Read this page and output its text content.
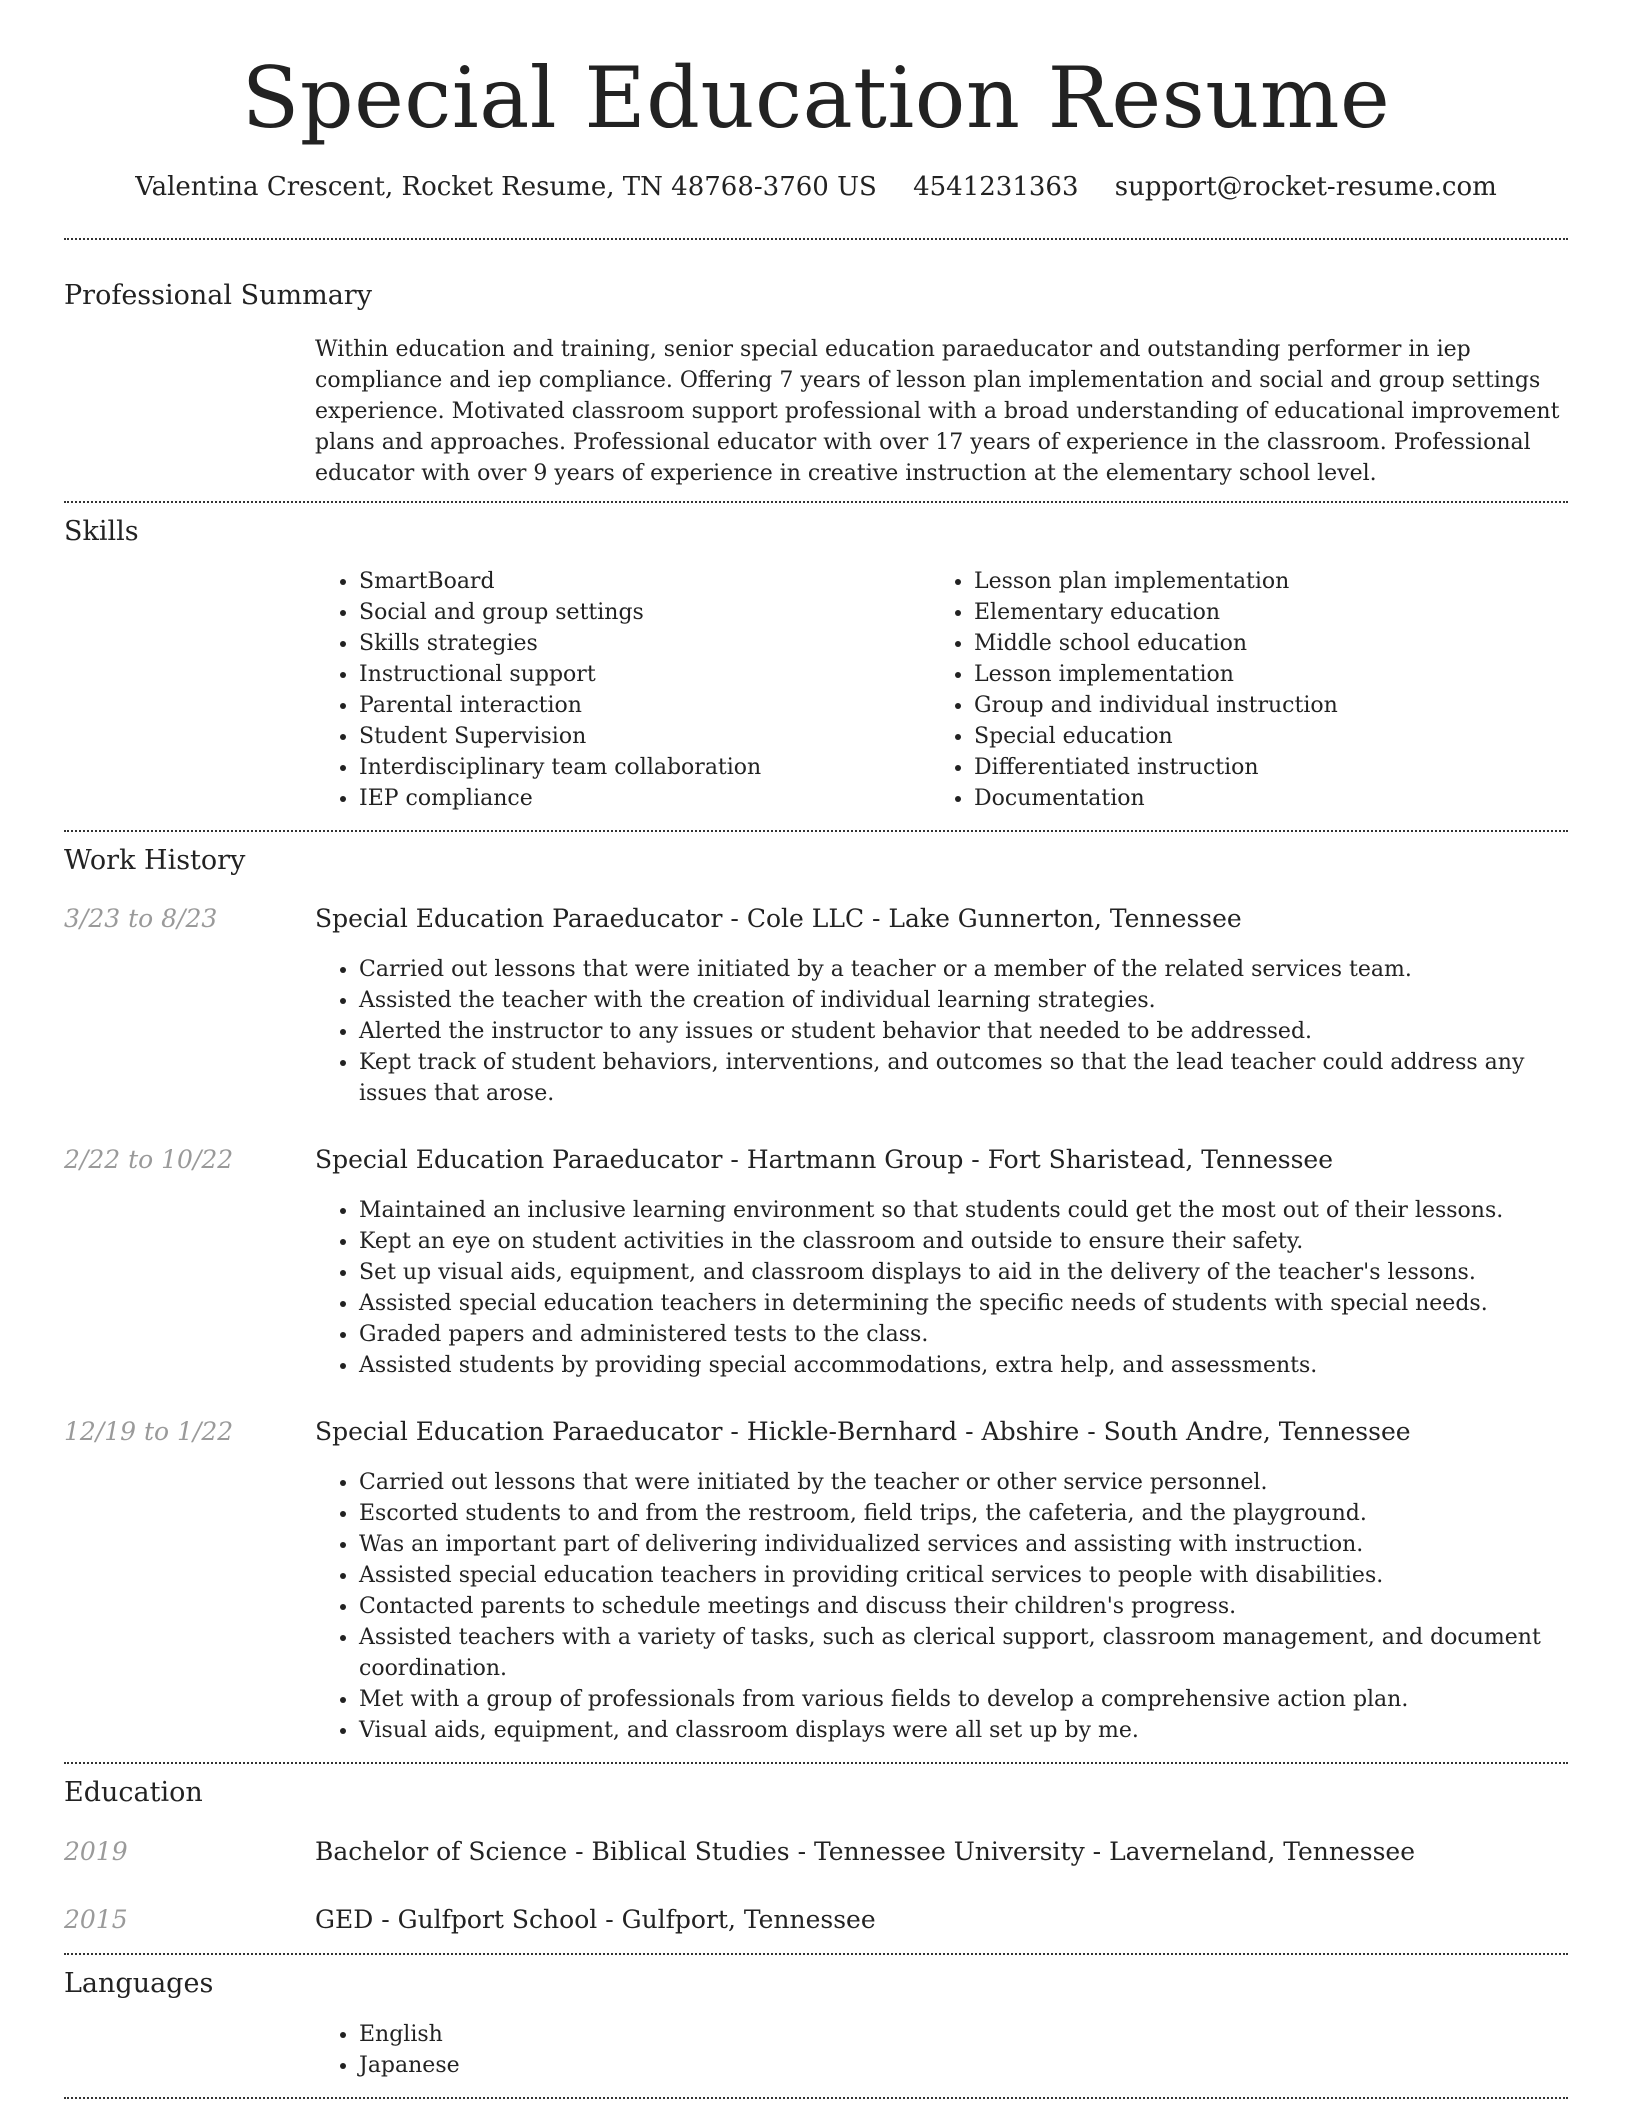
Special Education Resume
Valentina Crescent, Rocket Resume, TN 48768-3760 US 4541231363 support@rocket-resume.com
Professional Summary
Within education and training, senior special education paraeducator and outstanding performer in iep compliance and iep compliance. Offering 7 years of lesson plan implementation and social and group settings experience. Motivated classroom support professional with a broad understanding of educational improvement plans and approaches. Professional educator with over 17 years of experience in the classroom. Professional educator with over 9 years of experience in creative instruction at the elementary school level.
Skills
• SmartBoard
• Social and group settings
• Skills strategies
• Instructional support
• Parental interaction
• Student Supervision
• Interdisciplinary team collaboration
• IEP compliance
• Lesson plan implementation
• Elementary education
• Middle school education
• Lesson implementation
• Group and individual instruction
• Special education
• Differentiated instruction
• Documentation
Work History
3/23 to 8/23	Special Education Paraeducator - Cole LLC - Lake Gunnerton, Tennessee
• Carried out lessons that were initiated by a teacher or a member of the related services team.
• Assisted the teacher with the creation of individual learning strategies.
• Alerted the instructor to any issues or student behavior that needed to be addressed.
• Kept track of student behaviors, interventions, and outcomes so that the lead teacher could address any issues that arose.
2/22 to 10/22	Special Education Paraeducator - Hartmann Group - Fort Sharistead, Tennessee
• Maintained an inclusive learning environment so that students could get the most out of their lessons.
• Kept an eye on student activities in the classroom and outside to ensure their safety.
• Set up visual aids, equipment, and classroom displays to aid in the delivery of the teacher's lessons.
• Assisted special education teachers in determining the specific needs of students with special needs.
• Graded papers and administered tests to the class.
• Assisted students by providing special accommodations, extra help, and assessments.
12/19 to 1/22	Special Education Paraeducator - Hickle-Bernhard - Abshire - South Andre, Tennessee
• Carried out lessons that were initiated by the teacher or other service personnel.
• Escorted students to and from the restroom, field trips, the cafeteria, and the playground.
• Was an important part of delivering individualized services and assisting with instruction.
• Assisted special education teachers in providing critical services to people with disabilities.
• Contacted parents to schedule meetings and discuss their children's progress.
• Assisted teachers with a variety of tasks, such as clerical support, classroom management, and document coordination.
• Met with a group of professionals from various fields to develop a comprehensive action plan.
• Visual aids, equipment, and classroom displays were all set up by me.
Education
2019	Bachelor of Science - Biblical Studies - Tennessee University - Laverneland, Tennessee
2015	GED - Gulfport School - Gulfport, Tennessee
Languages
• English
• Japanese
